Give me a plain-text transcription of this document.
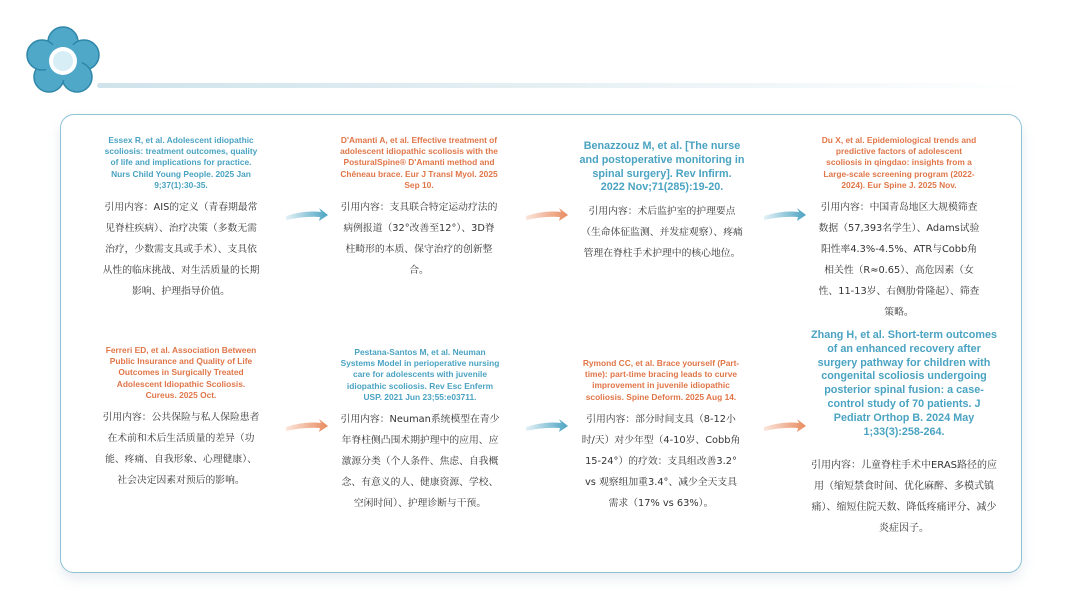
Essex R, et al. Adolescent idiopathic scoliosis: treatment outcomes, quality of life and implications for practice. Nurs Child Young People. 2025 Jan 9;37(1):30-35.

引用内容：AIS的定义（青春期最常见脊柱疾病）、治疗决策（多数无需治疗，少数需支具或手术）、支具依从性的临床挑战、对生活质量的长期影响、护理指导价值。

D'Amanti A, et al. Effective treatment of adolescent idiopathic scoliosis with the PosturalSpine® D'Amanti method and Chêneau brace. Eur J Transl Myol. 2025 Sep 10.

引用内容：支具联合特定运动疗法的病例报道（32°改善至12°）、3D脊柱畸形的本质、保守治疗的创新整合。

Benazzouz M, et al. [The nurse and postoperative monitoring in spinal surgery]. Rev Infirm. 2022 Nov;71(285):19-20.

引用内容：术后监护室的护理要点（生命体征监测、并发症观察）、疼痛管理在脊柱手术护理中的核心地位。

Du X, et al. Epidemiological trends and predictive factors of adolescent scoliosis in qingdao: insights from a Large-scale screening program (2022-2024). Eur Spine J. 2025 Nov.

引用内容：中国青岛地区大规模筛查数据（57,393名学生）、Adams试验阳性率4.3%-4.5%、ATR与Cobb角相关性（R≈0.65）、高危因素（女性、11-13岁、右侧肋骨隆起）、筛查策略。

Ferreri ED, et al. Association Between Public Insurance and Quality of Life Outcomes in Surgically Treated Adolescent Idiopathic Scoliosis. Cureus. 2025 Oct.

引用内容：公共保险与私人保险患者在术前和术后生活质量的差异（功能、疼痛、自我形象、心理健康）、社会决定因素对预后的影响。

Pestana-Santos M, et al. Neuman Systems Model in perioperative nursing care for adolescents with juvenile idiopathic scoliosis. Rev Esc Enferm USP. 2021 Jun 23;55:e03711.

引用内容：Neuman系统模型在青少年脊柱侧凸围术期护理中的应用、应激源分类（个人条件、焦虑、自我概念、有意义的人、健康资源、学校、空闲时间）、护理诊断与干预。

Rymond CC, et al. Brace yourself (Part-time): part-time bracing leads to curve improvement in juvenile idiopathic scoliosis. Spine Deform. 2025 Aug 14.

引用内容：部分时间支具（8-12小时/天）对少年型（4-10岁、Cobb角15-24°）的疗效：支具组改善3.2° vs 观察组加重3.4°、减少全天支具需求（17% vs 63%）。

Zhang H, et al. Short-term outcomes of an enhanced recovery after surgery pathway for children with congenital scoliosis undergoing posterior spinal fusion: a case-control study of 70 patients. J Pediatr Orthop B. 2024 May 1;33(3):258-264.

引用内容：儿童脊柱手术中ERAS路径的应用（缩短禁食时间、优化麻醉、多模式镇痛）、缩短住院天数、降低疼痛评分、减少炎症因子。
